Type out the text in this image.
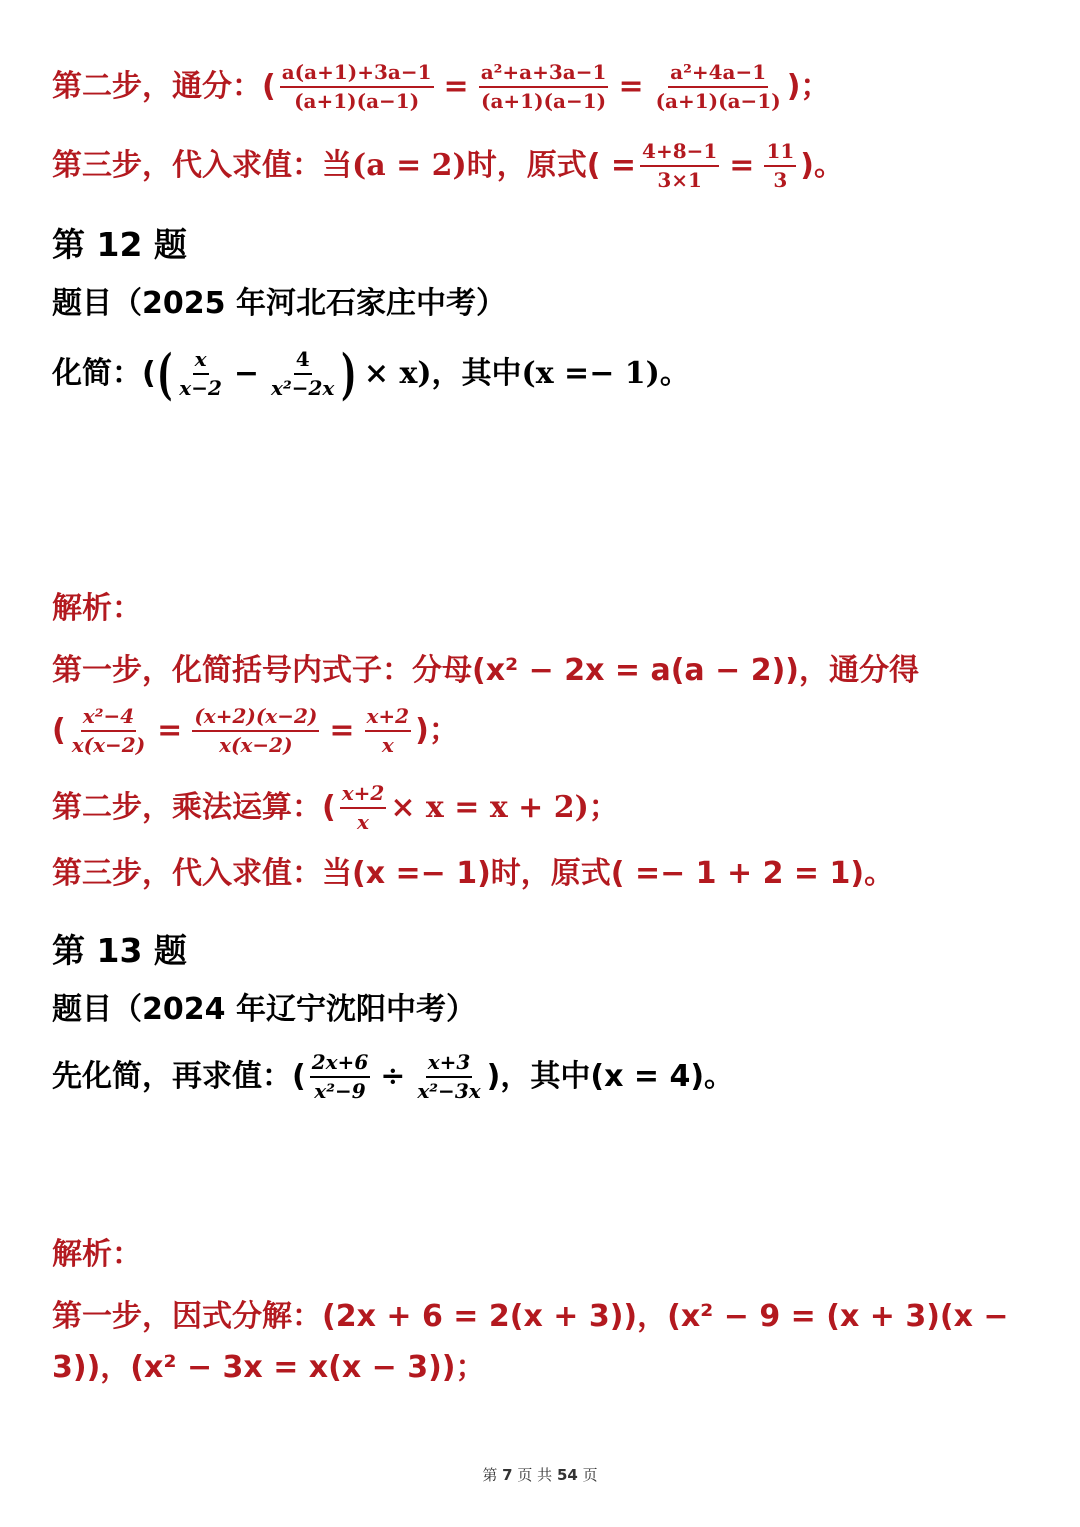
第二步，通分：( $\frac{a(a+1)+3a-1}{(a+1)(a-1)} = \frac{\text{a²+a+3a−1}}{(a+1)(a-1)} = \frac{\text{a²+4a−1}}{(a+1)(a-1)}$ )；
第三步，代入求值：当 (a = 2) 时，原式( = $\frac{4+8-1}{3\times 1} = \frac{11}{3}$ )。
第 12 题
题目（2025 年河北石家庄中考）
化简：( ( $\frac{x}{x-2} - \frac{4}{\text{x²−2x}}$ ) × x)，其中(x =− 1)。
解析：
第一步，化简括号内式子：分母(x² − 2x = a(a − 2))，通分得
( $\frac{\text{x²−4}}{x(x-2)} = \frac{(x+2)(x-2)}{x(x-2)} = \frac{x+2}{x}$ )；
第二步，乘法运算：( $\frac{x+2}{x} \times x = x + 2$)；
第三步，代入求值：当(x =− 1)时，原式( =− 1 + 2 = 1)。
第 13 题
题目（2024 年辽宁沈阳中考）
先化简，再求值：( $\frac{2x+6}{\text{x²−9}} \div \frac{x+3}{\text{x²−3x}}$ )，其中(x = 4)。
解析：
第一步，因式分解：(2x + 6 = 2(x + 3))，(x² − 9 = (x + 3)(x −
3))，(x² − 3x = x(x − 3))；
第 7 页 共 54 页
